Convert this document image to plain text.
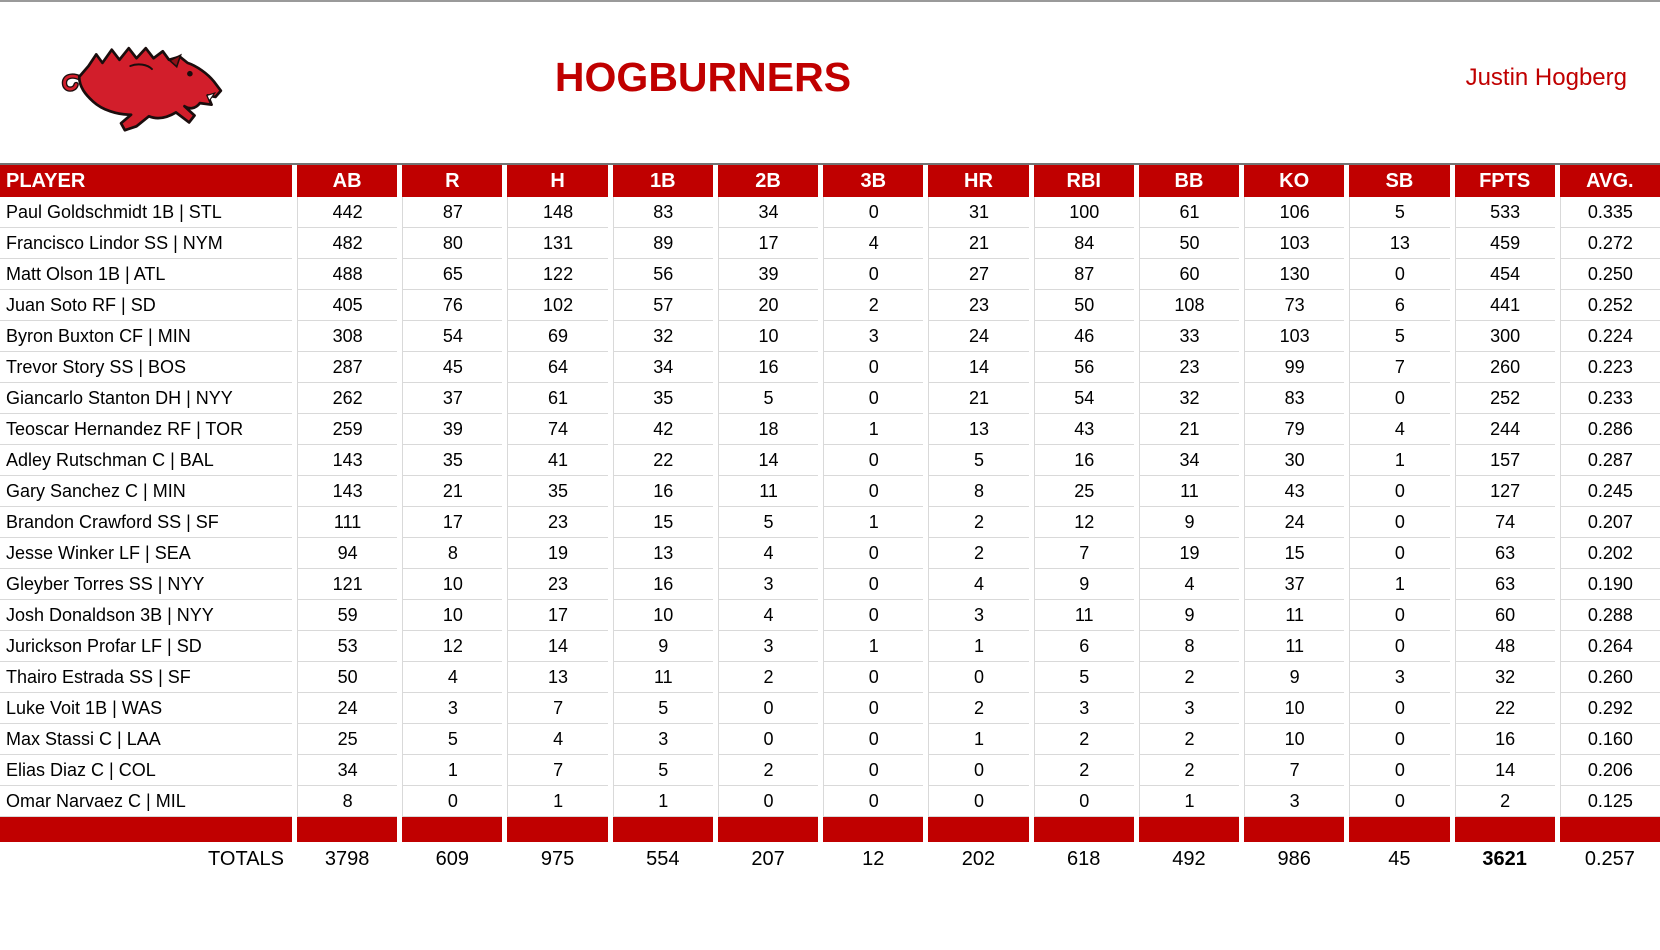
HOGBURNERS	Justin Hogberg
PLAYER	AB	R	H	1B	2B	3B	HR	RBI	BB	KO	SB	FPTS	AVG.
Paul Goldschmidt 1B | STL	442	87	148	83	34	0	31	100	61	106	5	533	0.335
Francisco Lindor SS | NYM	482	80	131	89	17	4	21	84	50	103	13	459	0.272
Matt Olson 1B | ATL	488	65	122	56	39	0	27	87	60	130	0	454	0.250
Juan Soto RF | SD	405	76	102	57	20	2	23	50	108	73	6	441	0.252
Byron Buxton CF | MIN	308	54	69	32	10	3	24	46	33	103	5	300	0.224
Trevor Story SS | BOS	287	45	64	34	16	0	14	56	23	99	7	260	0.223
Giancarlo Stanton DH | NYY	262	37	61	35	5	0	21	54	32	83	0	252	0.233
Teoscar Hernandez RF | TOR	259	39	74	42	18	1	13	43	21	79	4	244	0.286
Adley Rutschman C | BAL	143	35	41	22	14	0	5	16	34	30	1	157	0.287
Gary Sanchez C | MIN	143	21	35	16	11	0	8	25	11	43	0	127	0.245
Brandon Crawford SS | SF	111	17	23	15	5	1	2	12	9	24	0	74	0.207
Jesse Winker LF | SEA	94	8	19	13	4	0	2	7	19	15	0	63	0.202
Gleyber Torres SS | NYY	121	10	23	16	3	0	4	9	4	37	1	63	0.190
Josh Donaldson 3B | NYY	59	10	17	10	4	0	3	11	9	11	0	60	0.288
Jurickson Profar LF | SD	53	12	14	9	3	1	1	6	8	11	0	48	0.264
Thairo Estrada SS | SF	50	4	13	11	2	0	0	5	2	9	3	32	0.260
Luke Voit 1B | WAS	24	3	7	5	0	0	2	3	3	10	0	22	0.292
Max Stassi C | LAA	25	5	4	3	0	0	1	2	2	10	0	16	0.160
Elias Diaz C | COL	34	1	7	5	2	0	0	2	2	7	0	14	0.206
Omar Narvaez C | MIL	8	0	1	1	0	0	0	0	1	3	0	2	0.125
TOTALS	3798	609	975	554	207	12	202	618	492	986	45	3621	0.257
